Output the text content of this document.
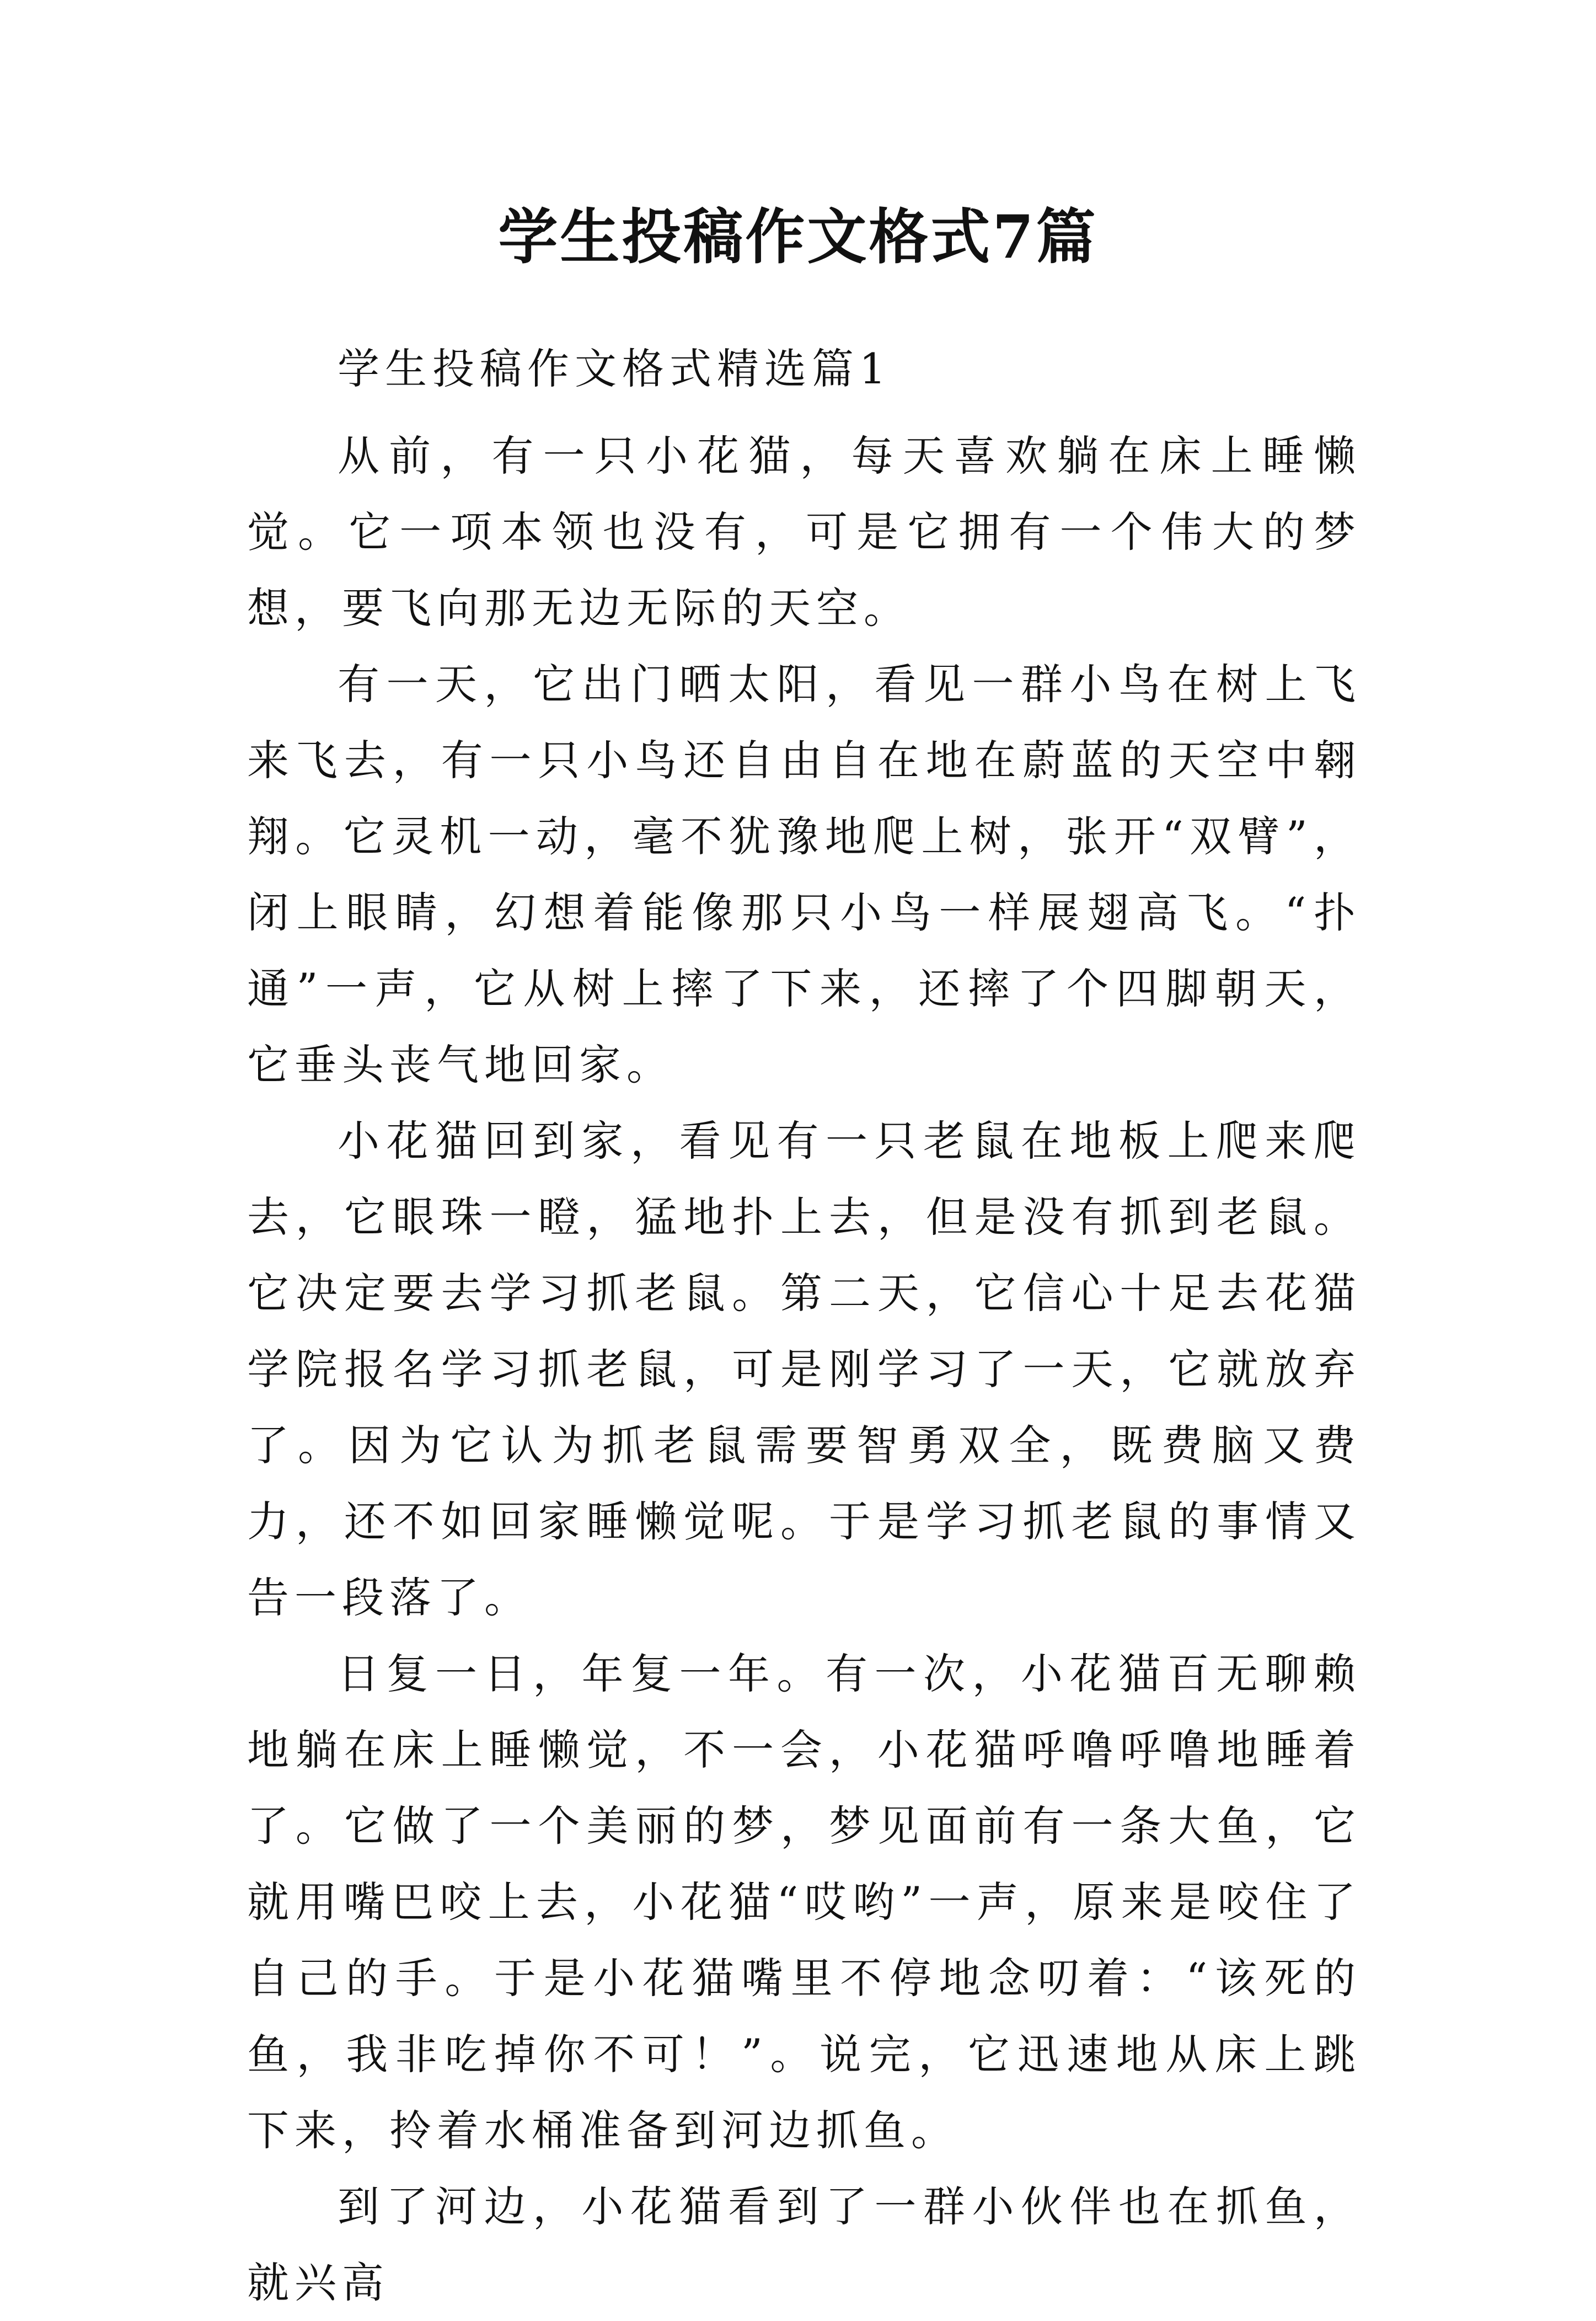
学生投稿作文格式7篇

学生投稿作文格式精选篇1

从前，有一只小花猫，每天喜欢躺在床上睡懒觉。它一项本领也没有，可是它拥有一个伟大的梦想，要飞向那无边无际的天空。

有一天，它出门晒太阳，看见一群小鸟在树上飞来飞去，有一只小鸟还自由自在地在蔚蓝的天空中翱翔。它灵机一动，毫不犹豫地爬上树，张开“双臂”，闭上眼睛，幻想着能像那只小鸟一样展翅高飞。“扑通”一声，它从树上摔了下来，还摔了个四脚朝天，它垂头丧气地回家。

小花猫回到家，看见有一只老鼠在地板上爬来爬去，它眼珠一瞪，猛地扑上去，但是没有抓到老鼠。它决定要去学习抓老鼠。第二天，它信心十足去花猫学院报名学习抓老鼠，可是刚学习了一天，它就放弃了。因为它认为抓老鼠需要智勇双全，既费脑又费力，还不如回家睡懒觉呢。于是学习抓老鼠的事情又告一段落了。

日复一日，年复一年。有一次，小花猫百无聊赖地躺在床上睡懒觉，不一会，小花猫呼噜呼噜地睡着了。它做了一个美丽的梦，梦见面前有一条大鱼，它就用嘴巴咬上去，小花猫“哎哟”一声，原来是咬住了自己的手。于是小花猫嘴里不停地念叨着：“该死的鱼，我非吃掉你不可！”。说完，它迅速地从床上跳下来，拎着水桶准备到河边抓鱼。

到了河边，小花猫看到了一群小伙伴也在抓鱼，就兴高
